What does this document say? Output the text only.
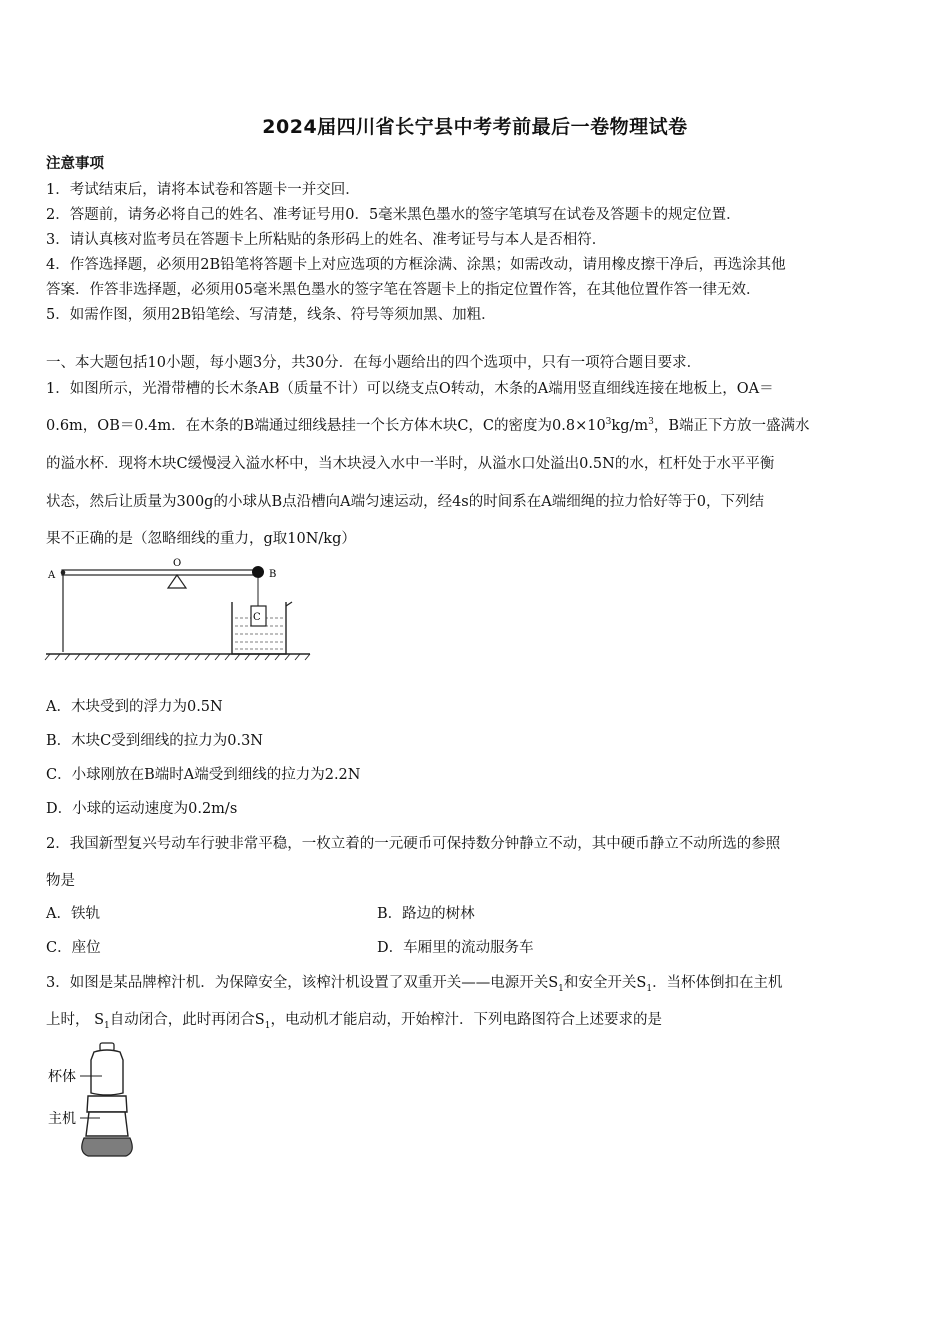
2024届四川省长宁县中考考前最后一卷物理试卷
注意事项
1．考试结束后，请将本试卷和答题卡一并交回．
2．答题前，请务必将自己的姓名、准考证号用0．5毫米黑色墨水的签字笔填写在试卷及答题卡的规定位置．
3．请认真核对监考员在答题卡上所粘贴的条形码上的姓名、准考证号与本人是否相符．
4．作答选择题，必须用2B铅笔将答题卡上对应选项的方框涂满、涂黑；如需改动，请用橡皮擦干净后，再选涂其他
答案．作答非选择题，必须用05毫米黑色墨水的签字笔在答题卡上的指定位置作答，在其他位置作答一律无效．
5．如需作图，须用2B铅笔绘、写清楚，线条、符号等须加黑、加粗．
一、本大题包括10小题，每小题3分，共30分．在每小题给出的四个选项中，只有一项符合题目要求．
1．如图所示，光滑带槽的长木条AB（质量不计）可以绕支点O转动，木条的A端用竖直细线连接在地板上，OA＝
0.6m，OB＝0.4m．在木条的B端通过细线悬挂一个长方体木块C，C的密度为$0.8\times 10^3kg/m^3$，B端正下方放一盛满水
的溢水杯．现将木块C缓慢浸入溢水杯中，当木块浸入水中一半时，从溢水口处溢出0.5N的水，杠杆处于水平平衡
状态，然后让质量为300g的小球从B点沿槽向A端匀速运动，经4s的时间系在A端细绳的拉力恰好等于0，下列结
果不正确的是（忽略细线的重力，g取10N/kg）
A
O
B
C
A．木块受到的浮力为0.5N
B．木块C受到细线的拉力为0.3N
C．小球刚放在B端时A端受到细线的拉力为2.2N
D．小球的运动速度为0.2m/s
2．我国新型复兴号动车行驶非常平稳，一枚立着的一元硬币可保持数分钟静立不动，其中硬币静立不动所选的参照
物是
A．铁轨	B．路边的树林
C．座位	D．车厢里的流动服务车
3．如图是某品牌榨汁机．为保障安全，该榨汁机设置了双重开关——电源开关$S_1$和安全开关$S_1$．当杯体倒扣在主机
上时， $S_1$自动闭合，此时再闭合$S_1$，电动机才能启动，开始榨汁．下列电路图符合上述要求的是
杯体
主机
